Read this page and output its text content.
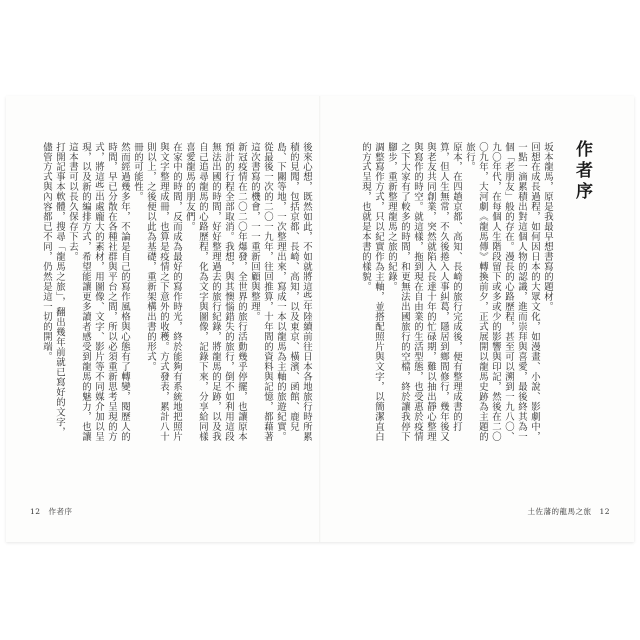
作者序

坂本龍馬，原是我最早想書寫的題材。

回想在成長過程，如何因日本的大眾文化，如漫畫、小說、影劇中，一點一滴累積出對這個人物的認識，進而崇拜與喜愛，最後終其為一個「老朋友」般的存在。漫長的心路歷程，甚至可以溯到一九八〇、九〇年代，在每個人生階段留下或多或少的影響與印記，然後在二〇〇九年，大河劇《龍馬傳》轉換前夕，正式展開以龍馬史跡為主題的旅行。

原本，在四趟京都、高知、長崎的旅行完成後，便有整理成書的打算，但人生無常，不久後捲入人事糾葛，隱居到鄉間修行，幾年後又與老友共同創業，突然就陷入長達十年的忙碌期，難以抽出靜心整理與寫作的時空。就這樣，拖到現在自由業的生活型態，也受惠於疫情之下大家有了較多的時間，和更無法出國旅行的空檔，終於讓我停下腳步，重新整理龍馬之旅的紀錄。

調整寫作方式，只以紀實作為主軸，並搭配照片與文字，以簡潔直白的方式呈現，也就是本書的樣貌。

後來心想，既然如此，不如就將這些年陸續前往日本各地旅行時所累積的見聞，包括京都、長崎、高知，以及東京、橫濱、函館、鹿兒島、下關等地，一次整理出來，寫成一本以龍馬為主軸的旅遊紀實。從最後一次的二〇一九年，往回推算，十年間的資料與記憶，都藉著這次書寫的機會，一一重新回顧與整理。

新冠疫情在二〇二〇年爆發，全世界的旅行活動幾乎停擺，也讓原本預計的行程全部取消。我想，與其懊惱錯失的旅行，倒不如利用這段無法出國的時間，好好整理過去的旅行紀錄，將龍馬的足跡，以及我自己追尋龍馬的心路歷程，化為文字與圖像，記錄下來，分享給同樣喜愛龍馬的朋友們。

在家中的時間，反而成為最好的寫作時光，終於能夠有系統地把照片與文字整理成冊，也算是疫情之下意外的收穫。方式發表，累計八十則以上，之後便以此為基礎，重新架構出書的形式。

冊的可能性。

然而經過幾多年，不論是自己的寫作風格與心態有了轉變，閱歷人的時間，早已分散在各種社群與平台之間，所以必須重新思考呈現的方式，將這些出處龐大的素材，用圖像、文字、影片等不同媒介加以呈現，以及新的編排方式，希望能讓更多讀者感受到龍馬的魅力，也讓這本書可以長久保存下去。

打開記事本軟體，搜尋「龍馬之旅」，翻出幾年前就已寫好的文字，儘管方式與內容都已不同，仍然是這一切的開端。

12 作者序	土佐藩的龍馬之旅 12
